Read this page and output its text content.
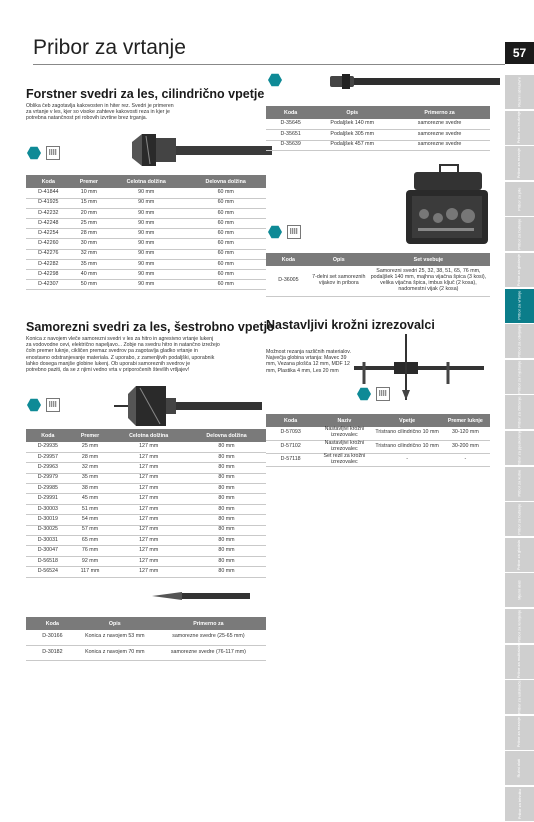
Pribor za vrtanje	57
Rezni i abrazivni
Pribor za brušenje
Pribor za rezanje
Pribor za pile
Pribor za bušenje
Pribor za glodanje
Pribor za vrtanje
Pribor za odvijanje
Pribor za mješanje
Pribor za čišćenje
Pribor za pjeskarenje
Pribor za kutne
Pribor za bušenje
Pribor za glodala
Mjerni alati
Pribor za lemljenje
Pribor za multialate
Pribor za usisivače
Pribor za rezanje
Ručni alati
Pribor za tehniku
Forstner svedri za les, cilindrično vpetje
Oblika čeb zagotavlja kakovosten in hiter rez. Svedri je primeren
za vrtanje v les, kjer so visoke zahteve kakovosti reza in kjer je
potrebna natančnost pri robovih izvrtine brez trganja.
Koda	Premer	Celotna dolžina	Delovna dolžina
D-41844	10 mm	90 mm	60 mm
D-41925	15 mm	90 mm	60 mm
D-42232	20 mm	90 mm	60 mm
D-42248	25 mm	90 mm	60 mm
D-42254	28 mm	90 mm	60 mm
D-42260	30 mm	90 mm	60 mm
D-42276	32 mm	90 mm	60 mm
D-42282	35 mm	90 mm	60 mm
D-42298	40 mm	90 mm	60 mm
D-42307	50 mm	90 mm	60 mm
Koda	Opis	Primerno za
D-35645	Podaljšek 140 mm	samorezne svedre
D-35651	Podaljšek 305 mm	samorezne svedre
D-35639	Podaljšek 457 mm	samorezne svedre
Koda	Opis	Set vsebuje
D-36005	7-delni set samoreznih vijakov in pribora	Samorezni svedri 25, 32, 38, 51, 65, 76 mm, podaljšek 140 mm, majhna vijačna špica (3 kosi), velika vijačna špica, imbus ključ (2 kosa), nadomestni vijak (2 kosa)
Samorezni svedri za les, šestrobno vpetje
Konica z navojem vleče samorezni svedri v les za hitro in agresivno vrtanje lukenj
za vodovodne cevi, električno napeljavo... Zobje na svedru hitro in natančno izrežejo
čoln premer luknje, cikličen premaz svedrov pa zagotavlja gladko vrtanje in
enostavno odstranjevanje materiala. Z uporabo, z zamenljivih podaljški, uporabnik
lahko dosega manjše globine lukenj. Ob uporabi samoreznih svedrov je
potrebno paziti, da se z njimi vedno vrta v priporočenih številih vrtljajev!
Koda	Premer	Celotna dolžina	Delovna dolžina
D-29935	25 mm	127 mm	80 mm
D-29957	28 mm	127 mm	80 mm
D-29963	32 mm	127 mm	80 mm
D-29979	35 mm	127 mm	80 mm
D-29985	38 mm	127 mm	80 mm
D-29991	45 mm	127 mm	80 mm
D-30003	51 mm	127 mm	80 mm
D-30019	54 mm	127 mm	80 mm
D-30025	57 mm	127 mm	80 mm
D-30031	65 mm	127 mm	80 mm
D-30047	76 mm	127 mm	80 mm
D-56518	92 mm	127 mm	80 mm
D-56524	117 mm	127 mm	80 mm
Koda	Opis	Primerno za
D-30166	Konica z navojem 53 mm	samorezne svedre (25-65 mm)
D-30182	Konica z navojem 70 mm	samorezne svedre (76-117 mm)
Nastavljivi krožni izrezovalci
Možnost rezanja različnih materialov.
Največja globina vrtanja: Mavec 39
mm, Vezana plošča 12 mm, MDF 12
mm, Plastika 4 mm, Les 20 mm
Koda	Naziv	Vpetje	Premer luknje
D-57093	Nastavljivi krožni izrezovalec	Tristrano cilindrično 10 mm	30-120 mm
D-57102	Nastavljivi krožni izrezovalec	Tristrano cilindrično 10 mm	30-200 mm
D-57118	Set rezil za krožni izrezovalec	-	-
